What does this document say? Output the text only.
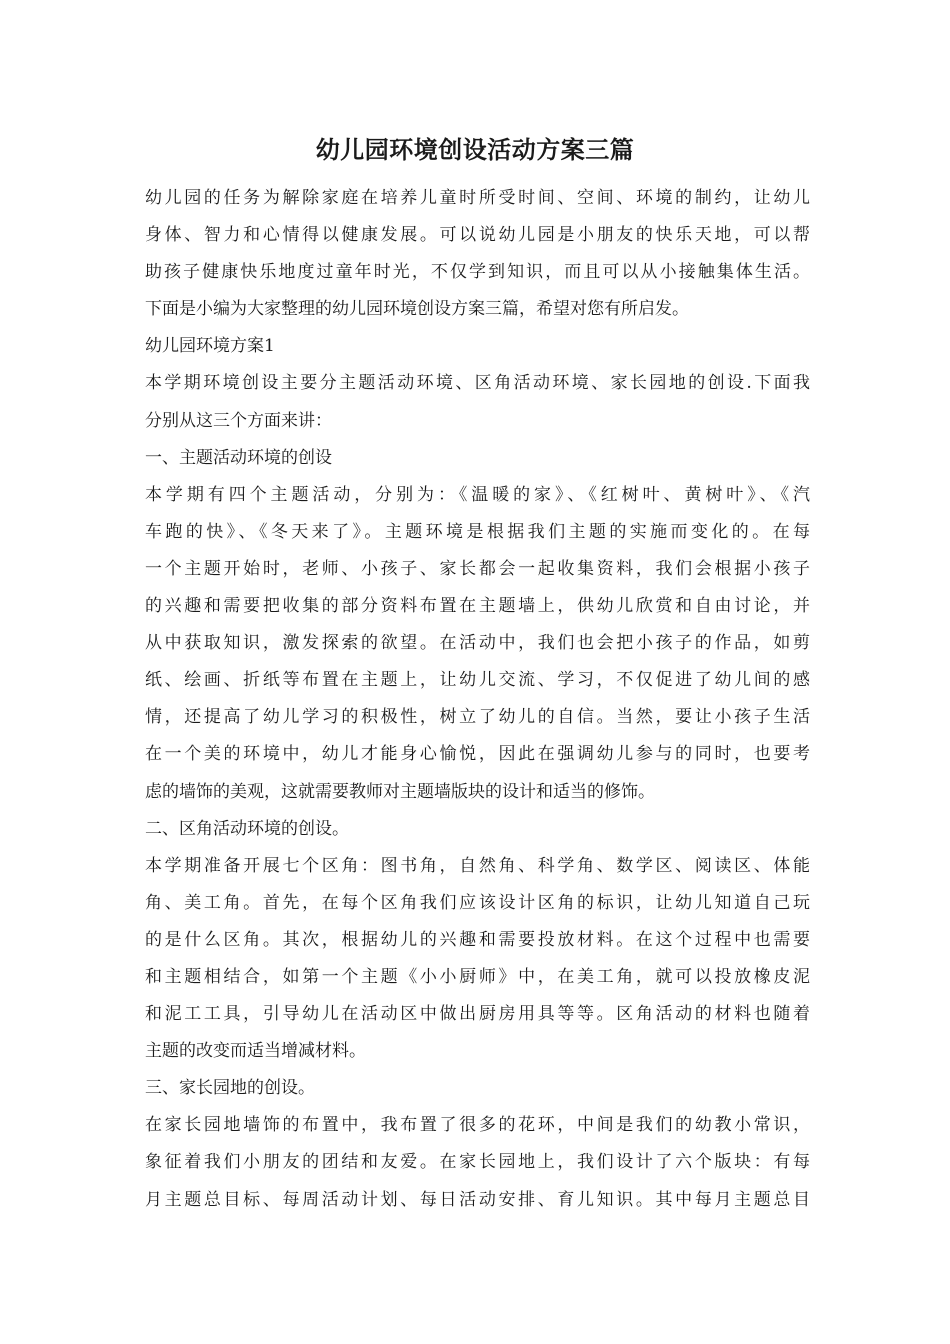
幼儿园环境创设活动方案三篇
幼儿园的任务为解除家庭在培养儿童时所受时间、空间、环境的制约，让幼儿
身体、智力和心情得以健康发展。可以说幼儿园是小朋友的快乐天地，可以帮
助孩子健康快乐地度过童年时光，不仅学到知识，而且可以从小接触集体生活。
下面是小编为大家整理的幼儿园环境创设方案三篇，希望对您有所启发。
幼儿园环境方案1
本学期环境创设主要分主题活动环境、区角活动环境、家长园地的创设.下面我
分别从这三个方面来讲：
一、主题活动环境的创设
本学期有四个主题活动，分别为：《温暖的家》、《红树叶、黄树叶》、《汽
车跑的快》、《冬天来了》。主题环境是根据我们主题的实施而变化的。在每
一个主题开始时，老师、小孩子、家长都会一起收集资料，我们会根据小孩子
的兴趣和需要把收集的部分资料布置在主题墙上，供幼儿欣赏和自由讨论，并
从中获取知识，激发探索的欲望。在活动中，我们也会把小孩子的作品，如剪
纸、绘画、折纸等布置在主题上，让幼儿交流、学习，不仅促进了幼儿间的感
情，还提高了幼儿学习的积极性，树立了幼儿的自信。当然，要让小孩子生活
在一个美的环境中，幼儿才能身心愉悦，因此在强调幼儿参与的同时，也要考
虑的墙饰的美观，这就需要教师对主题墙版块的设计和适当的修饰。
二、区角活动环境的创设。
本学期准备开展七个区角：图书角，自然角、科学角、数学区、阅读区、体能
角、美工角。首先，在每个区角我们应该设计区角的标识，让幼儿知道自己玩
的是什么区角。其次，根据幼儿的兴趣和需要投放材料。在这个过程中也需要
和主题相结合，如第一个主题《小小厨师》中，在美工角，就可以投放橡皮泥
和泥工工具，引导幼儿在活动区中做出厨房用具等等。区角活动的材料也随着
主题的改变而适当增减材料。
三、家长园地的创设。
在家长园地墙饰的布置中，我布置了很多的花环，中间是我们的幼教小常识，
象征着我们小朋友的团结和友爱。在家长园地上，我们设计了六个版块：有每
月主题总目标、每周活动计划、每日活动安排、育儿知识。其中每月主题总目
